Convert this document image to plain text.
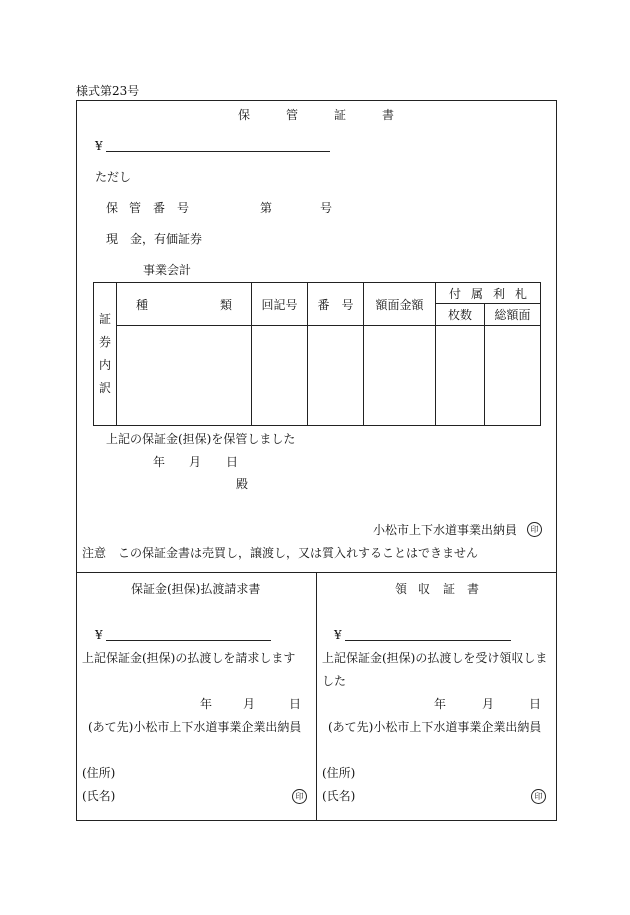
様式第23号
保	管	証	書
¥
ただし
保 管 番 号	第	号
現　金，有価証券
事業会計
証
券
内
訳	種 類	回記号	番 号	額面金額	付 属 利 札	
					枚数	総額面

上記の保証金(担保)を保管しました
年 月 日
殿
小松市上下水道事業出納員	印
注意　この保証金書は売買し，譲渡し，又は質入れすることはできません
保証金(担保)払渡請求書
¥
上記保証金(担保)の払渡しを請求します
年	月	日
(あて先)小松市上下水道事業企業出納員
(住所)
(氏名)	印
領 収 証 書
¥
上記保証金(担保)の払渡しを受け領収しま
した
年	月	日
(あて先)小松市上下水道事業企業出納員
(住所)
(氏名)	印
